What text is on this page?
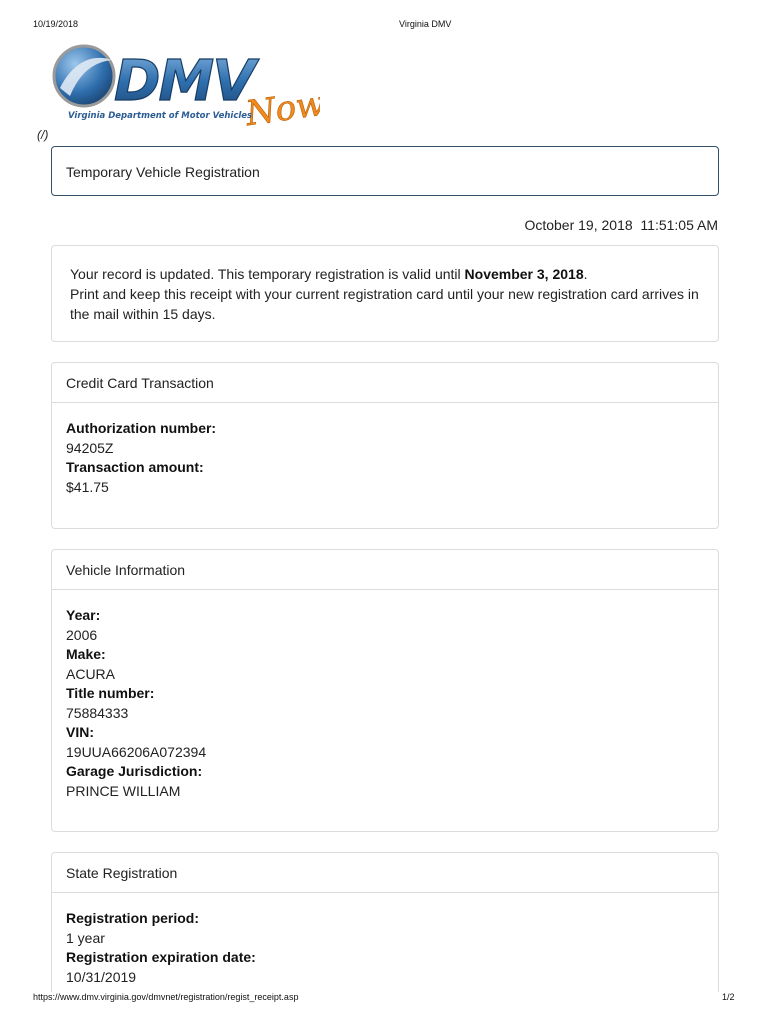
10/19/2018	Virginia DMV
DMV
Now
Virginia Department of Motor Vehicles
(/)
Temporary Vehicle Registration
October 19, 2018  11:51:05 AM
Your record is updated. This temporary registration is valid until November 3, 2018.
Print and keep this receipt with your current registration card until your new registration card arrives in the mail within 15 days.
Credit Card Transaction
Authorization number:
94205Z
Transaction amount:
$41.75
Vehicle Information
Year:
2006
Make:
ACURA
Title number:
75884333
VIN:
19UUA66206A072394
Garage Jurisdiction:
PRINCE WILLIAM
State Registration
Registration period:
1 year
Registration expiration date:
10/31/2019
https://www.dmv.virginia.gov/dmvnet/registration/regist_receipt.asp	1/2
